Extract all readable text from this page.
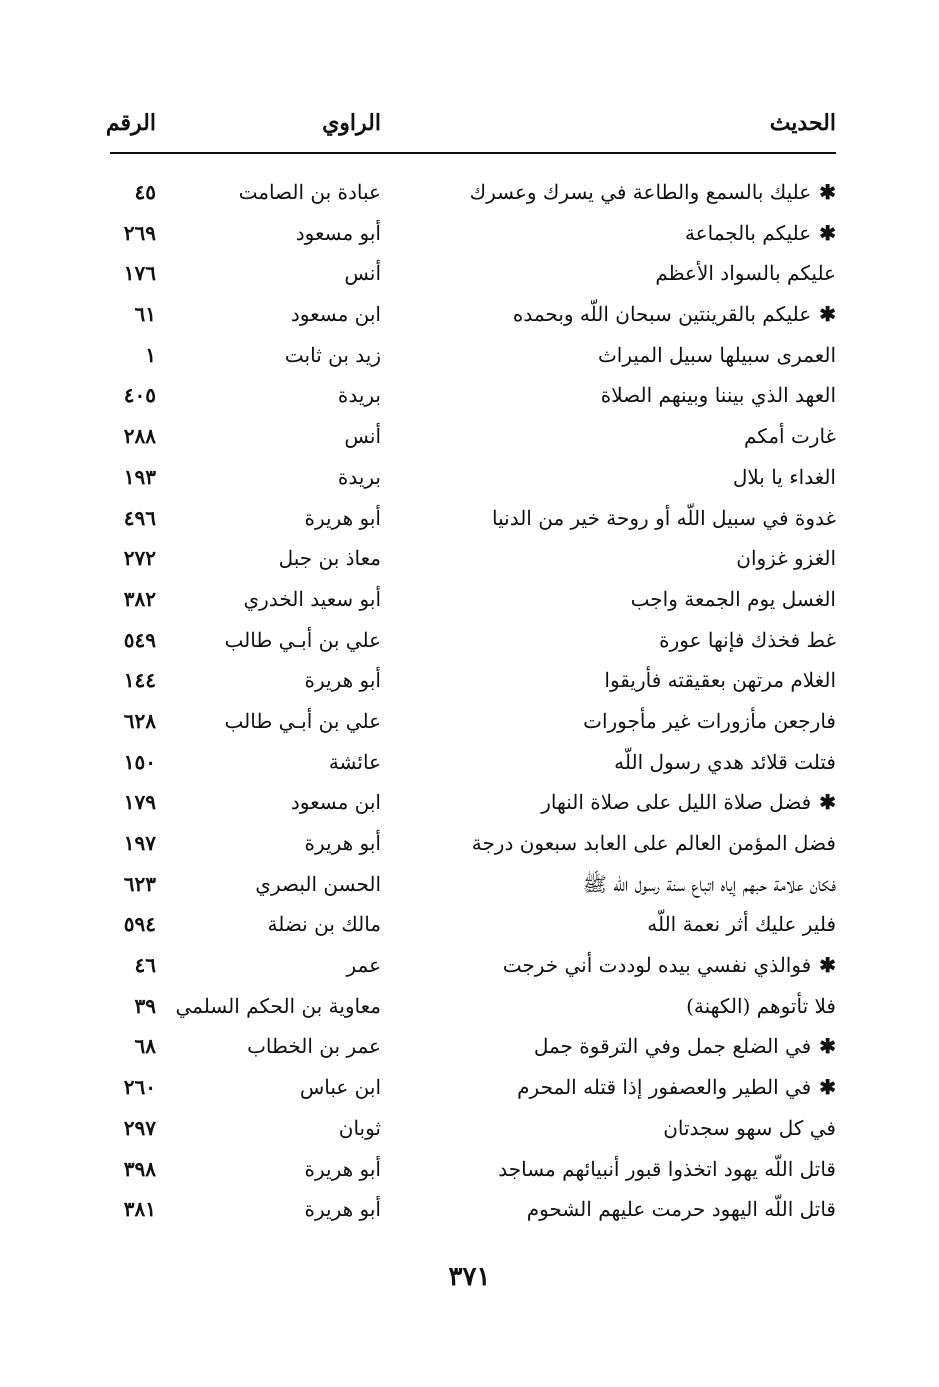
الحديث
الراوي
الرقم
✱عليك بالسمع والطاعة في يسرك وعسرك
عبادة بن الصامت
٤٥
✱عليكم بالجماعة
أبو مسعود
٢٦٩
عليكم بالسواد الأعظم
أنس
١٧٦
✱عليكم بالقرينتين سبحان اللّه وبحمده
ابن مسعود
٦١
العمرى سبيلها سبيل الميراث
زيد بن ثابت
١
العهد الذي بيننا وبينهم الصلاة
بريدة
٤٠٥
غارت أمكم
أنس
٢٨٨
الغداء يا بلال
بريدة
١٩٣
غدوة في سبيل اللّه أو روحة خير من الدنيا
أبو هريرة
٤٩٦
الغزو غزوان
معاذ بن جبل
٢٧٢
الغسل يوم الجمعة واجب
أبو سعيد الخدري
٣٨٢
غط فخذك فإنها عورة
علي بن أبـي طالب
٥٤٩
الغلام مرتهن بعقيقته فأريقوا
أبو هريرة
١٤٤
فارجعن مأزورات غير مأجورات
علي بن أبـي طالب
٦٢٨
فتلت قلائد هدي رسول اللّه
عائشة
١٥٠
✱فضل صلاة الليل على صلاة النهار
ابن مسعود
١٧٩
فضل المؤمن العالم على العابد سبعون درجة
أبو هريرة
١٩٧
فكان علامة حبهم إياه اتباع سنة رسول اللّه ﷺ
الحسن البصري
٦٢٣
فلير عليك أثر نعمة اللّه
مالك بن نضلة
٥٩٤
✱فوالذي نفسي بيده لوددت أني خرجت
عمر
٤٦
فلا تأتوهم (الكهنة)
معاوية بن الحكم السلمي
٣٩
✱في الضلع جمل وفي الترقوة جمل
عمر بن الخطاب
٦٨
✱في الطير والعصفور إذا قتله المحرم
ابن عباس
٢٦٠
في كل سهو سجدتان
ثوبان
٢٩٧
قاتل اللّه يهود اتخذوا قبور أنبيائهم مساجد
أبو هريرة
٣٩٨
قاتل اللّه اليهود حرمت عليهم الشحوم
أبو هريرة
٣٨١
٣٧١
